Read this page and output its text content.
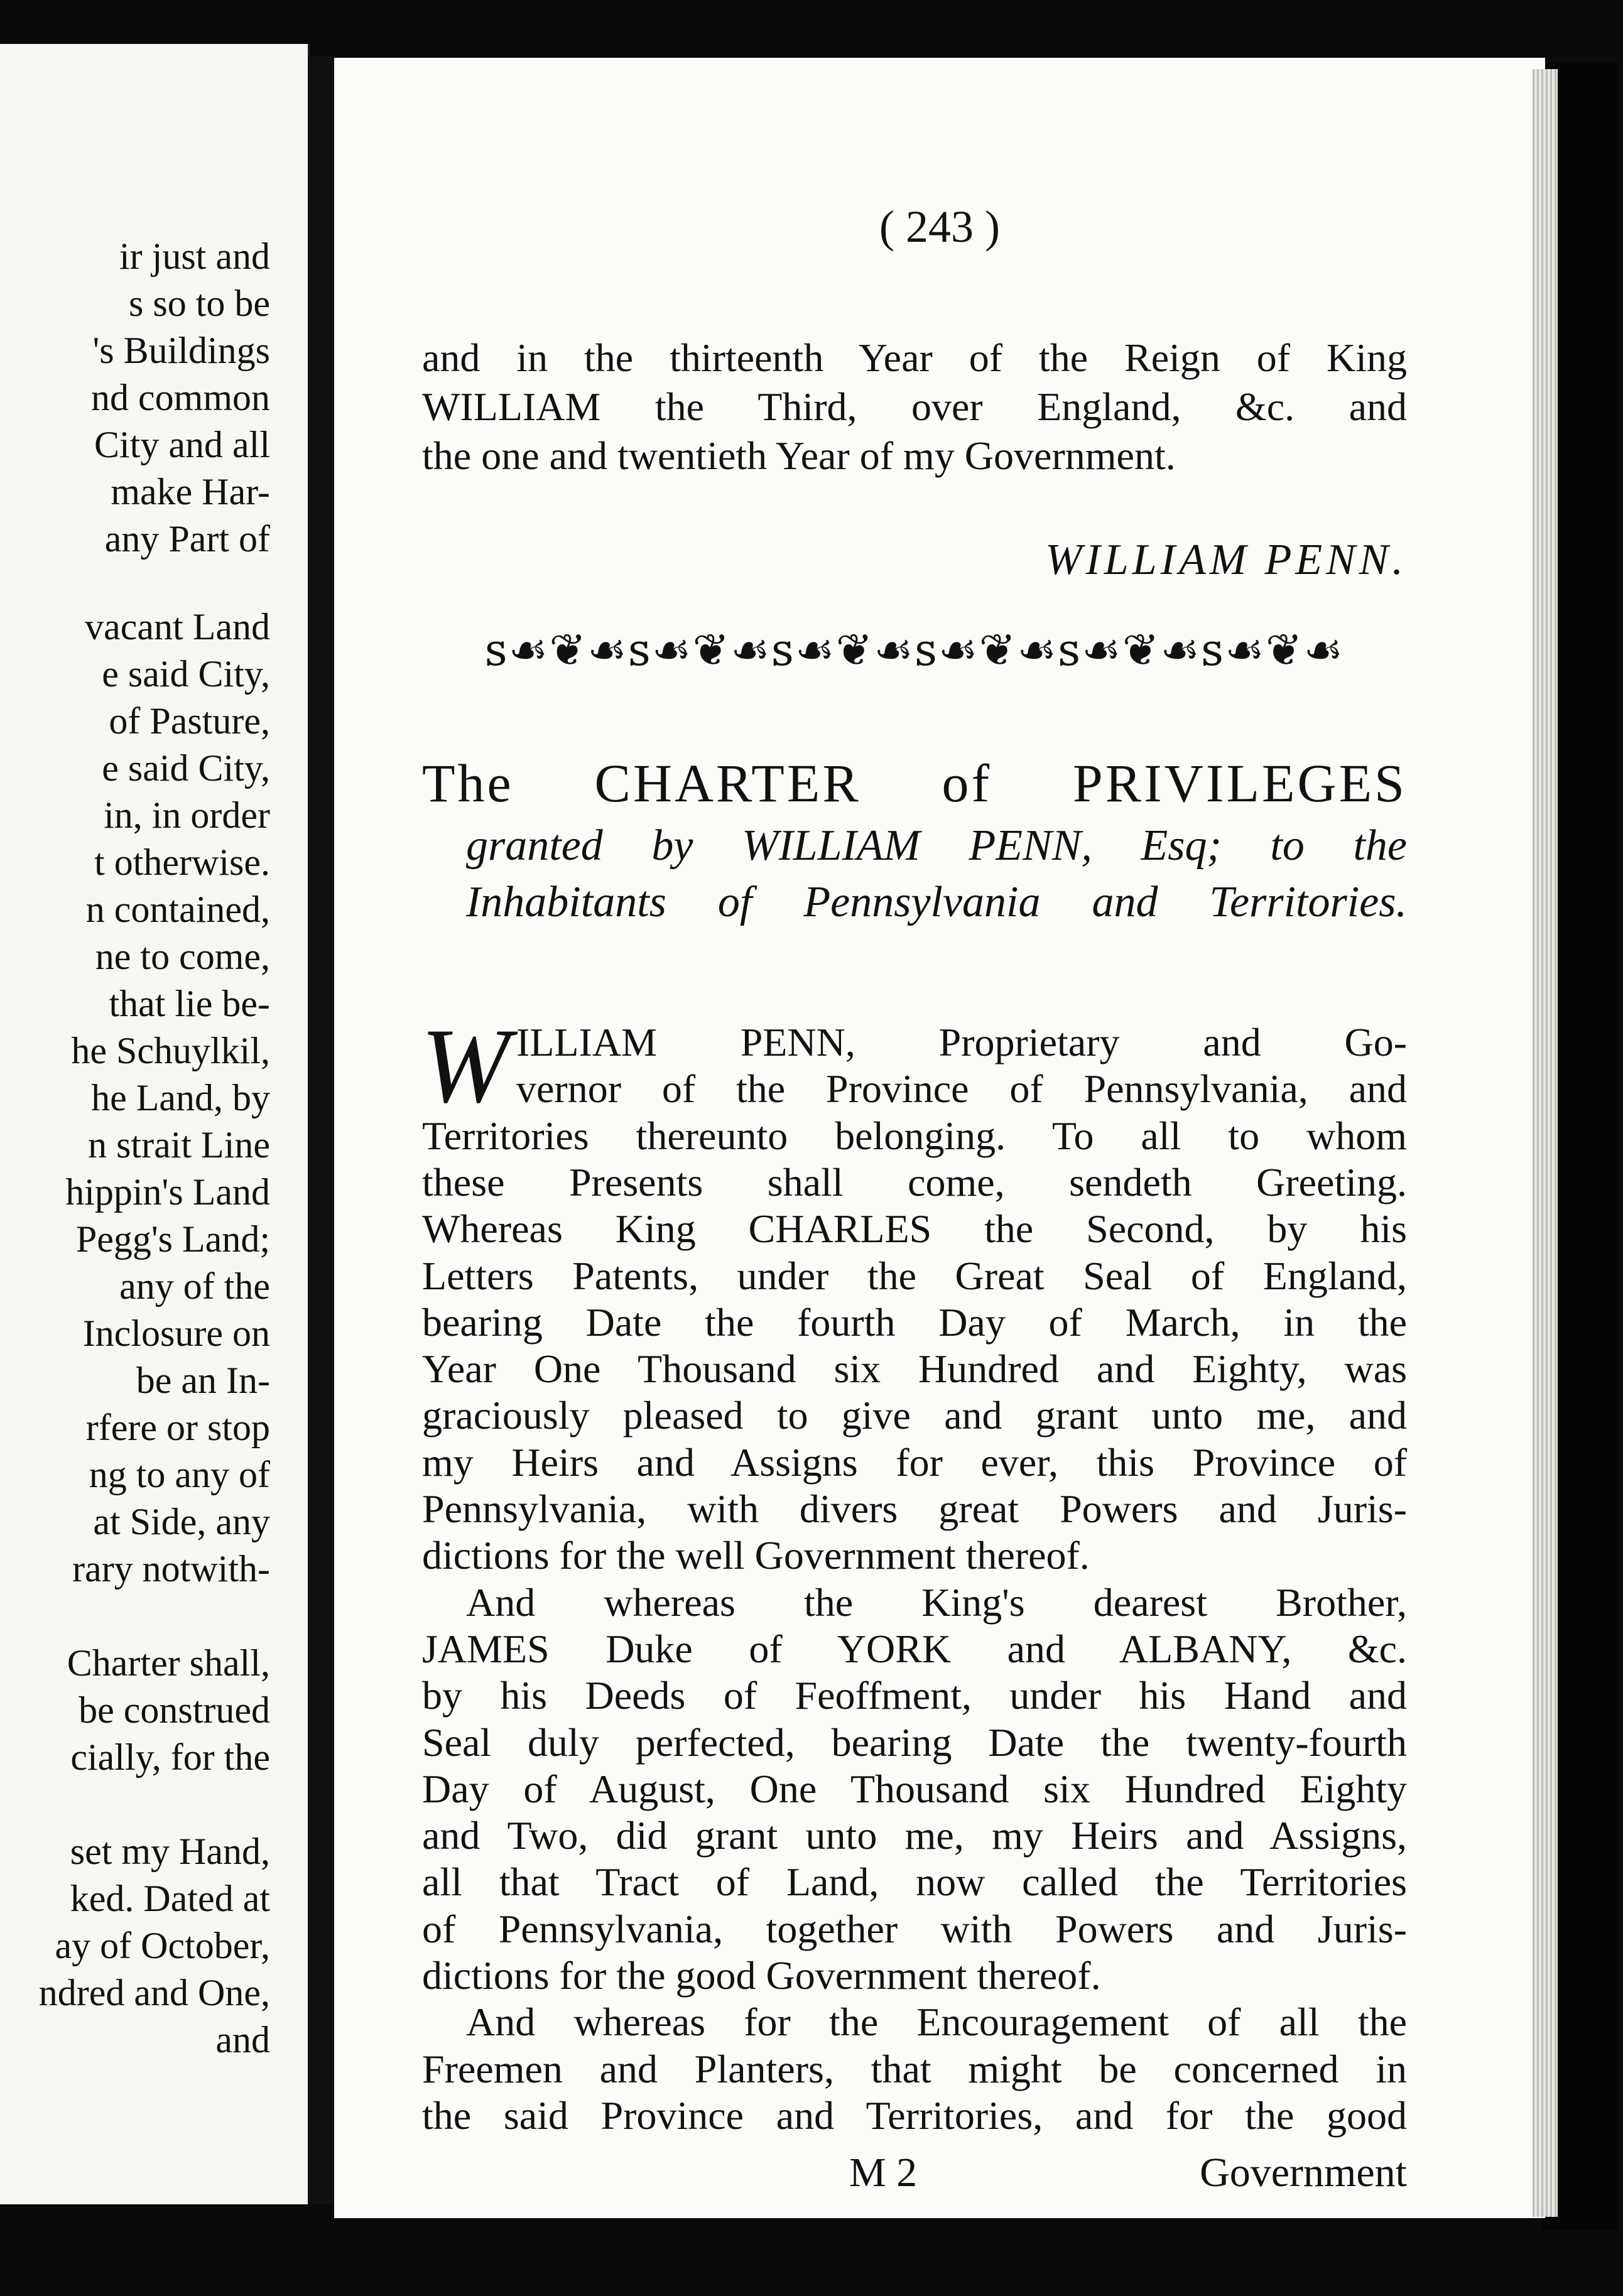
ir just and
s so to be
's Buildings
nd common
City and all
make Har-
any Part of
vacant Land
e said City,
of Pasture,
e said City,
in, in order
t otherwise.
n contained,
ne to come,
that lie be-
he Schuylkil,
he Land, by
n strait Line
hippin's Land
Pegg's Land;
any of the
Inclosure on
be an In-
rfere or stop
ng to any of
at Side, any
rary notwith-
Charter shall,
be construed
cially, for the
set my Hand,
ked. Dated at
ay of October,
ndred and One,
and
( 243 )
and in the thirteenth Year of the Reign of King
WILLIAM the Third, over England, &c. and
the one and twentieth Year of my Government.
WILLIAM PENN.
ꜱ☙❦☙ꜱ☙❦☙ꜱ☙❦☙ꜱ☙❦☙ꜱ☙❦☙ꜱ☙❦☙
The CHARTER of PRIVILEGES
granted by WILLIAM PENN, Esq; to the
Inhabitants of Pennsylvania and Territories.
W ILLIAM PENN, Proprietary and Go-
vernor of the Province of Pennsylvania, and
Territories thereunto belonging. To all to whom
these Presents shall come, sendeth Greeting.
Whereas King CHARLES the Second, by his
Letters Patents, under the Great Seal of England,
bearing Date the fourth Day of March, in the
Year One Thousand six Hundred and Eighty, was
graciously pleased to give and grant unto me, and
my Heirs and Assigns for ever, this Province of
Pennsylvania, with divers great Powers and Juris-
dictions for the well Government thereof.
And whereas the King's dearest Brother,
JAMES Duke of YORK and ALBANY, &c.
by his Deeds of Feoffment, under his Hand and
Seal duly perfected, bearing Date the twenty-fourth
Day of August, One Thousand six Hundred Eighty
and Two, did grant unto me, my Heirs and Assigns,
all that Tract of Land, now called the Territories
of Pennsylvania, together with Powers and Juris-
dictions for the good Government thereof.
And whereas for the Encouragement of all the
Freemen and Planters, that might be concerned in
the said Province and Territories, and for the good
M 2	Government
